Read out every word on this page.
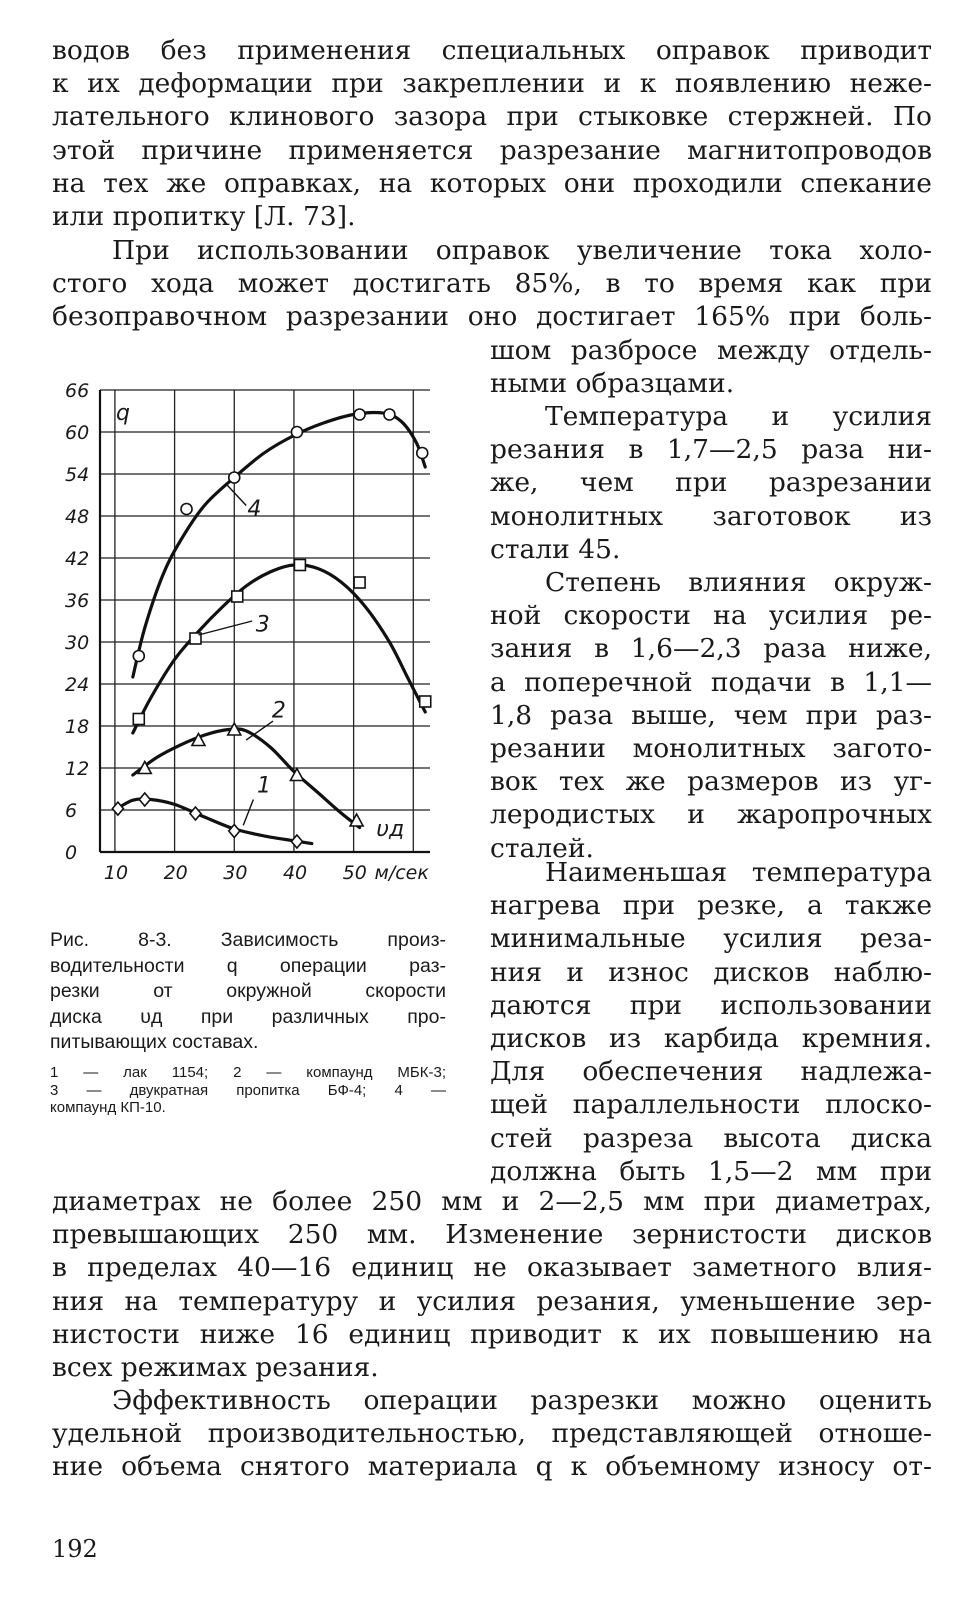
водов без применения специальных оправок приводит
к их деформации при закреплении и к появлению неже-
лательного клинового зазора при стыковке стержней. По
этой причине применяется разрезание магнитопроводов
на тех же оправках, на которых они проходили спекание
или пропитку [Л. 73].
При использовании оправок увеличение тока холо-
стого хода может достигать 85%, в то время как при
безоправочном разрезании оно достигает 165% при боль-
шом разбросе между отдель-
ными образцами.
Температура и усилия
резания в 1,7—2,5 раза ни-
же, чем при разрезании
монолитных заготовок из
стали 45.
Степень влияния окруж-
ной скорости на усилия ре-
зания в 1,6—2,3 раза ниже,
а поперечной подачи в 1,1—
1,8 раза выше, чем при раз-
резании монолитных загото-
вок тех же размеров из уг-
леродистых и жаропрочных
сталей.
Наименьшая температура
нагрева при резке, а также
минимальные усилия реза-
ния и износ дисков наблю-
даются при использовании
дисков из карбида кремния.
Для обеспечения надлежа-
щей параллельности плоско-
стей разреза высота диска
должна быть 1,5—2 мм при
диаметрах не более 250 мм и 2—2,5 мм при диаметрах,
превышающих 250 мм. Изменение зернистости дисков
в пределах 40—16 единиц не оказывает заметного влия-
ния на температуру и усилия резания, уменьшение зер-
нистости ниже 16 единиц приводит к их повышению на
всех режимах резания.
Эффективность операции разрезки можно оценить
удельной производительностью, представляющей отноше-
ние объема снятого материала q к объемному износу от-
0
6
12
18
24
30
36
42
48
54
60
66
10 20 30 40 50
q
υд
м/сек
1
2
3
4
Рис. 8-3. Зависимость произ-
водительности q операции раз-
резки от окружной скорости
диска υд при различных про-
питывающих составах.
1 — лак 1154; 2 — компаунд МБК-3;
3 — двукратная пропитка БФ-4; 4 —
компаунд КП-10.
192
